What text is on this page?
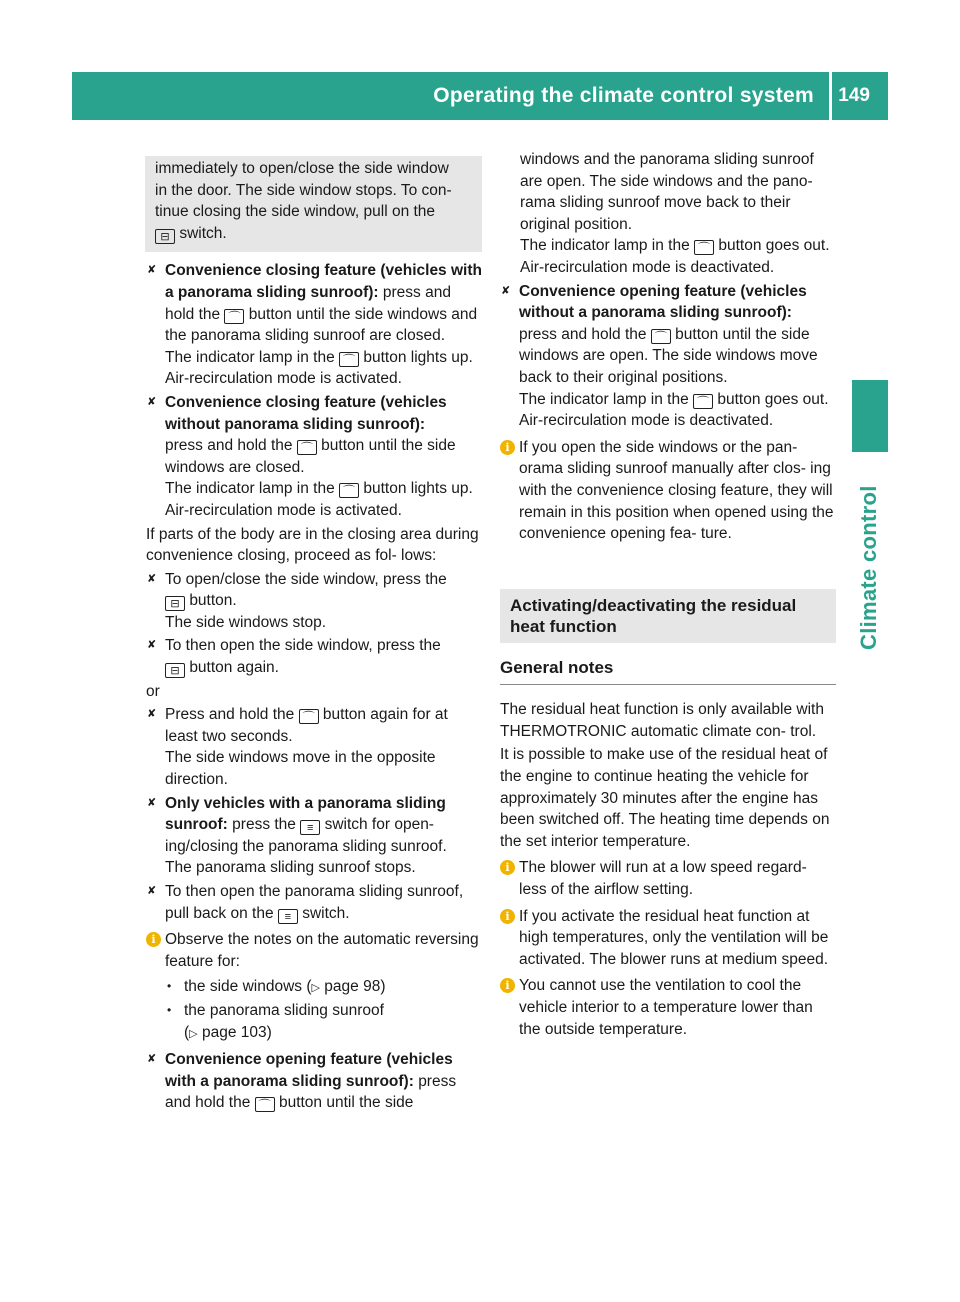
Operating the climate control system 149
Climate control
immediately to open/close the side window
in the door. The side window stops. To con-
tinue closing the side window, pull on the
⊟ switch.
✘ Convenience closing feature (vehicles with a panorama sliding sunroof): press and hold the ⌒ button until the side windows and the panorama sliding sunroof are closed.
The indicator lamp in the ⌒ button lights up. Air-recirculation mode is activated.
✘ Convenience closing feature (vehicles without panorama sliding sunroof):
press and hold the ⌒ button until the side windows are closed.
The indicator lamp in the ⌒ button lights up. Air-recirculation mode is activated.
If parts of the body are in the closing area during convenience closing, proceed as fol- lows:
✘ To open/close the side window, press the
⊟ button.
The side windows stop.
✘ To then open the side window, press the
⊟ button again.
or
✘ Press and hold the ⌒ button again for at least two seconds.
The side windows move in the opposite direction.
✘ Only vehicles with a panorama sliding sunroof: press the ≡ switch for open- ing/closing the panorama sliding sunroof.
The panorama sliding sunroof stops.
✘ To then open the panorama sliding sunroof, pull back on the ≡ switch.
i Observe the notes on the automatic reversing feature for:
• the side windows (▷ page 98)
• the panorama sliding sunroof
(▷ page 103)
✘ Convenience opening feature (vehicles with a panorama sliding sunroof): press and hold the ⌒ button until the side
windows and the panorama sliding sunroof are open. The side windows and the pano- rama sliding sunroof move back to their original position.
The indicator lamp in the ⌒ button goes out. Air-recirculation mode is deactivated.
✘ Convenience opening feature (vehicles without a panorama sliding sunroof):
press and hold the ⌒ button until the side windows are open. The side windows move back to their original positions.
The indicator lamp in the ⌒ button goes out. Air-recirculation mode is deactivated.
i If you open the side windows or the pan- orama sliding sunroof manually after clos- ing with the convenience closing feature, they will remain in this position when opened using the convenience opening fea- ture.
Activating/deactivating the residual heat function
General notes
The residual heat function is only available with THERMOTRONIC automatic climate con- trol.
It is possible to make use of the residual heat of the engine to continue heating the vehicle for approximately 30 minutes after the engine has been switched off. The heating time depends on the set interior temperature.
i The blower will run at a low speed regard- less of the airflow setting.
i If you activate the residual heat function at high temperatures, only the ventilation will be activated. The blower runs at medium speed.
i You cannot use the ventilation to cool the vehicle interior to a temperature lower than the outside temperature.
